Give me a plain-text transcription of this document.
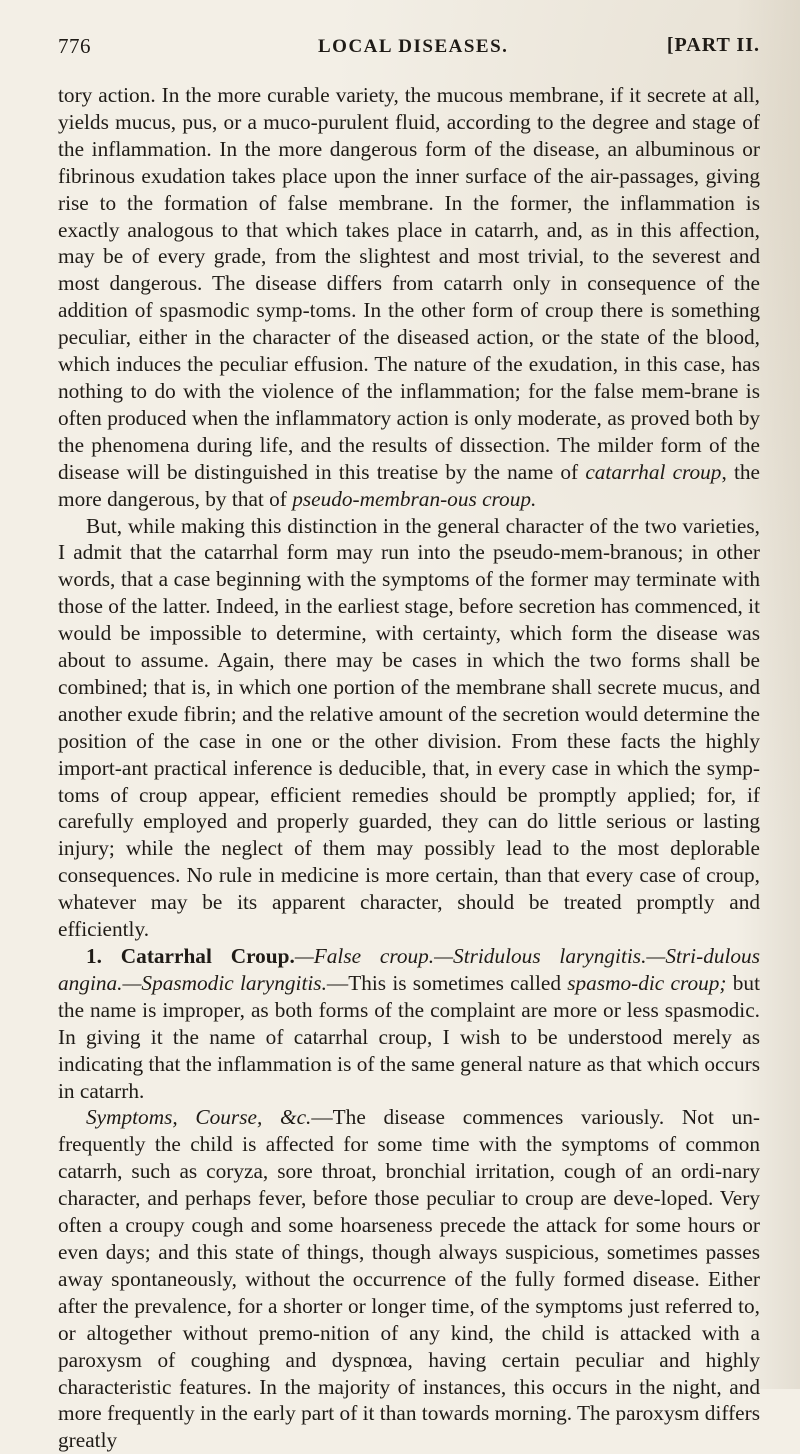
776	LOCAL DISEASES.	[PART II.

tory action. In the more curable variety, the mucous membrane, if it secrete at all, yields mucus, pus, or a muco-purulent fluid, according to the degree and stage of the inflammation. In the more dangerous form of the disease, an albuminous or fibrinous exudation takes place upon the inner surface of the air-passages, giving rise to the formation of false membrane. In the former, the inflammation is exactly analogous to that which takes place in catarrh, and, as in this affection, may be of every grade, from the slightest and most trivial, to the severest and most dangerous. The disease differs from catarrh only in consequence of the addition of spasmodic symp-toms. In the other form of croup there is something peculiar, either in the character of the diseased action, or the state of the blood, which induces the peculiar effusion. The nature of the exudation, in this case, has nothing to do with the violence of the inflammation; for the false mem-brane is often produced when the inflammatory action is only moderate, as proved both by the phenomena during life, and the results of dissection. The milder form of the disease will be distinguished in this treatise by the name of catarrhal croup, the more dangerous, by that of pseudo-membran-ous croup.

But, while making this distinction in the general character of the two varieties, I admit that the catarrhal form may run into the pseudo-mem-branous; in other words, that a case beginning with the symptoms of the former may terminate with those of the latter. Indeed, in the earliest stage, before secretion has commenced, it would be impossible to determine, with certainty, which form the disease was about to assume. Again, there may be cases in which the two forms shall be combined; that is, in which one portion of the membrane shall secrete mucus, and another exude fibrin; and the relative amount of the secretion would determine the position of the case in one or the other division. From these facts the highly import-ant practical inference is deducible, that, in every case in which the symp-toms of croup appear, efficient remedies should be promptly applied; for, if carefully employed and properly guarded, they can do little serious or lasting injury; while the neglect of them may possibly lead to the most deplorable consequences. No rule in medicine is more certain, than that every case of croup, whatever may be its apparent character, should be treated promptly and efficiently.

1. Catarrhal Croup.—False croup.—Stridulous laryngitis.—Stri-dulous angina.—Spasmodic laryngitis.—This is sometimes called spasmo-dic croup; but the name is improper, as both forms of the complaint are more or less spasmodic. In giving it the name of catarrhal croup, I wish to be understood merely as indicating that the inflammation is of the same general nature as that which occurs in catarrh.

Symptoms, Course, &c.—The disease commences variously. Not un-frequently the child is affected for some time with the symptoms of common catarrh, such as coryza, sore throat, bronchial irritation, cough of an ordi-nary character, and perhaps fever, before those peculiar to croup are deve-loped. Very often a croupy cough and some hoarseness precede the attack for some hours or even days; and this state of things, though always suspicious, sometimes passes away spontaneously, without the occurrence of the fully formed disease. Either after the prevalence, for a shorter or longer time, of the symptoms just referred to, or altogether without premo-nition of any kind, the child is attacked with a paroxysm of coughing and dyspnœa, having certain peculiar and highly characteristic features. In the majority of instances, this occurs in the night, and more frequently in the early part of it than towards morning. The paroxysm differs greatly
